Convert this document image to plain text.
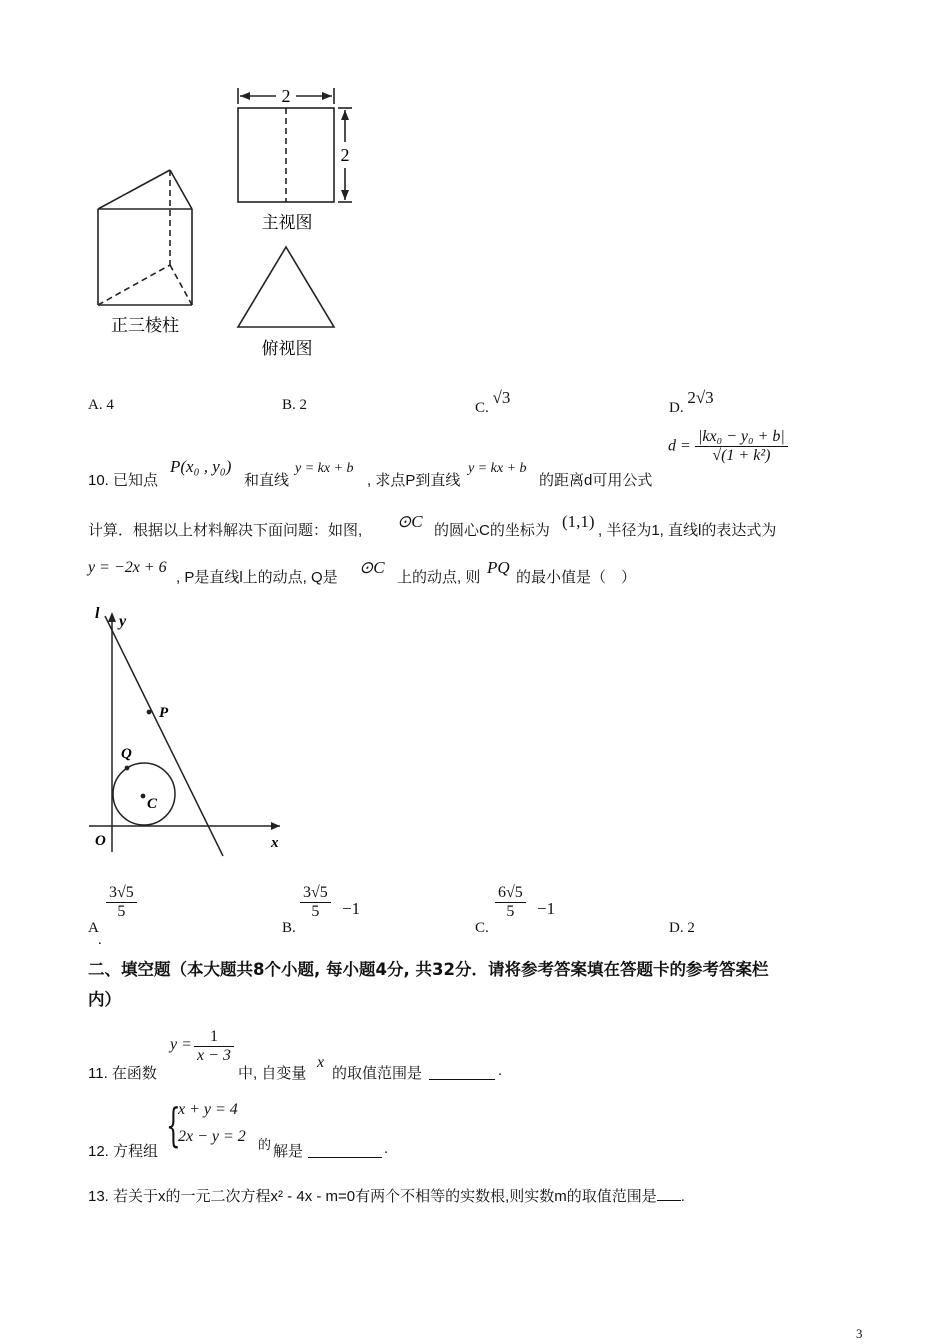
2
2
主视图
正三棱柱
俯视图
A. 4	B. 2	C. √3
D. 2√3
10. 已知点
P(x₀ , y₀)
和直线
y = kx + b
, 求点P到直线
y = kx + b
的距离d可用公式
$d = \frac{\text{|kx₀ − y₀ + b|}}{\text{√(1 + k²)}}$
计算．根据以上材料解决下面问题：如图, ⊙C 的圆心C的坐标为 (1,1) , 半径为1, 直线l的表达式为
y = −2x + 6
, P是直线l上的动点, Q是
⊙C
上的动点, 则
PQ
的最小值是（　）
l y
P
Q
C
O	x
A
$\frac{3√5}{5}$
.
B.
$\frac{3√5}{5} -1$
C.
$\frac{6√5}{5} -1$
D. 2
二、填空题（本大题共8个小题, 每小题4分, 共32分．请将参考答案填在答题卡的参考答案栏
内）
11. 在函数
$y = \frac{1}{x - 3}$
中, 自变量
x
的取值范围是	.
12. 方程组 {
x + y = 4
2x − y = 2 的 解是	.
13. 若关于x的一元二次方程x² - 4x - m=0有两个不相等的实数根,则实数m的取值范围是 .
3
